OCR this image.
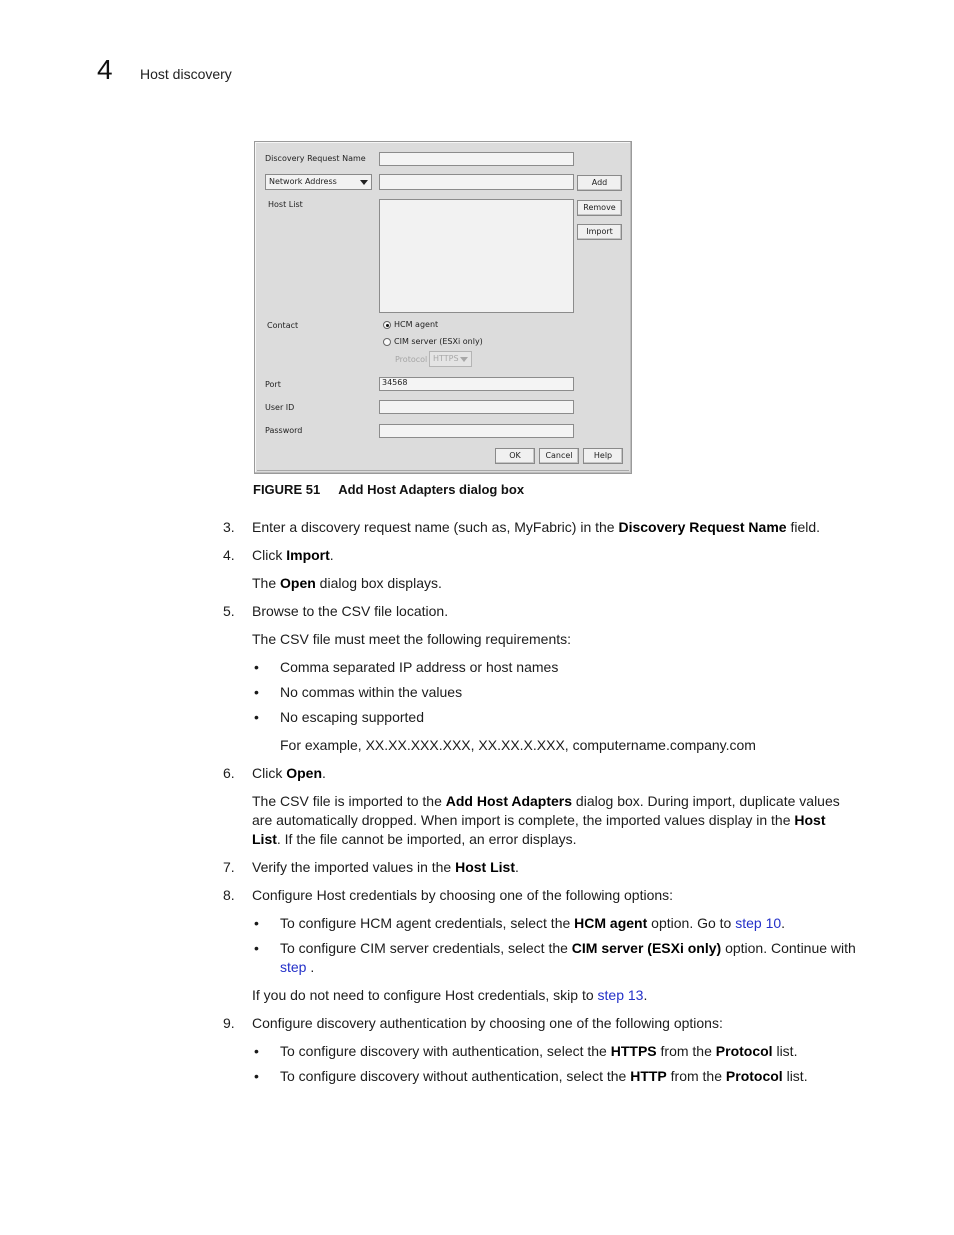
4 Host discovery
Discovery Request Name
Network Address	Add
Host List	Remove
Import
Contact	HCM agent
CIM server (ESXi only)
Protocol HTTPS
Port	34568
User ID
Password
OK	Cancel	Help
FIGURE 51 Add Host Adapters dialog box
3. Enter a discovery request name (such as, MyFabric) in the Discovery Request Name field.
4. Click Import.
The Open dialog box displays.
5. Browse to the CSV file location.
The CSV file must meet the following requirements:
• Comma separated IP address or host names
• No commas within the values
• No escaping supported
For example, XX.XX.XXX.XXX, XX.XX.X.XXX, computername.company.com
6. Click Open.
The CSV file is imported to the Add Host Adapters dialog box. During import, duplicate values
are automatically dropped. When import is complete, the imported values display in the Host
List. If the file cannot be imported, an error displays.
7. Verify the imported values in the Host List.
8. Configure Host credentials by choosing one of the following options:
• To configure HCM agent credentials, select the HCM agent option. Go to step 10.
• To configure CIM server credentials, select the CIM server (ESXi only) option. Continue with
step .
If you do not need to configure Host credentials, skip to step 13.
9. Configure discovery authentication by choosing one of the following options:
• To configure discovery with authentication, select the HTTPS from the Protocol list.
• To configure discovery without authentication, select the HTTP from the Protocol list.
